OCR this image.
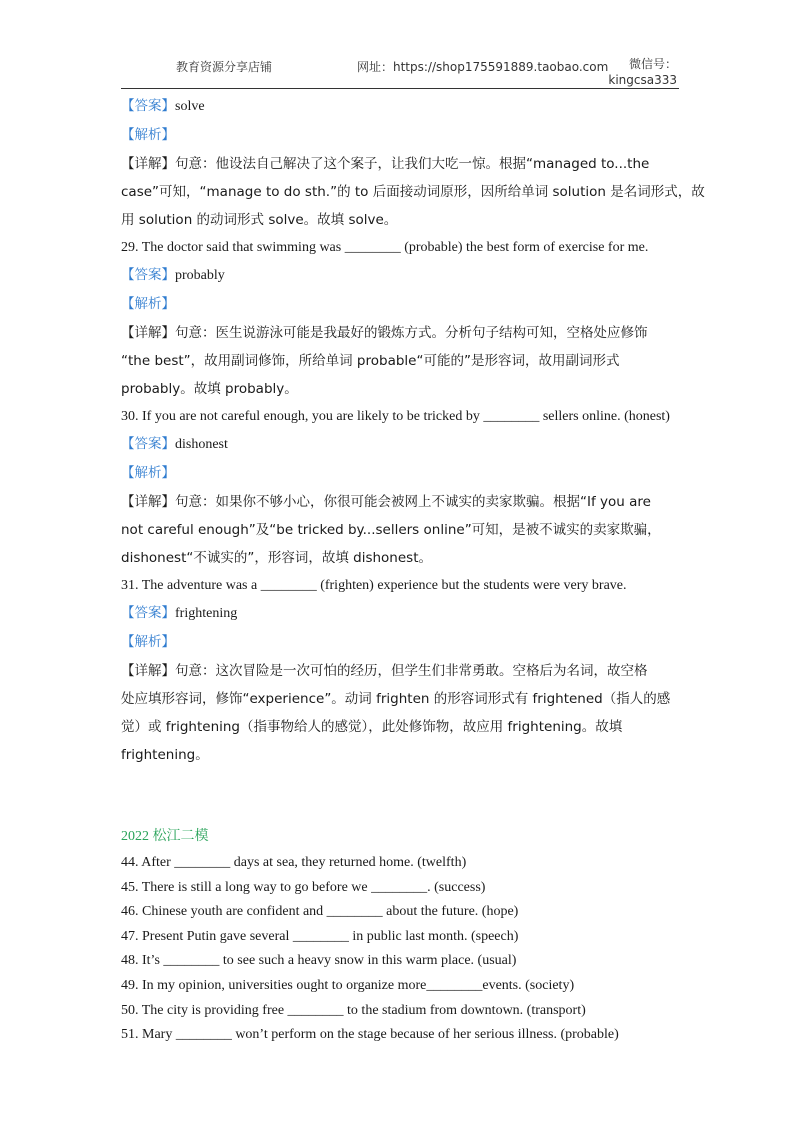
教育资源分享店铺	网址：https://shop175591889.taobao.com	微信号：
kingcsa333
【答案】solve
【解析】
【详解】句意：他设法自己解决了这个案子，让我们大吃一惊。根据“managed to...the
case”可知，“manage to do sth.”的 to 后面接动词原形，因所给单词 solution 是名词形式，故
用 solution 的动词形式 solve。故填 solve。
29. The doctor said that swimming was ________ (probable) the best form of exercise for me.
【答案】probably
【解析】
【详解】句意：医生说游泳可能是我最好的锻炼方式。分析句子结构可知，空格处应修饰
“the best”，故用副词修饰，所给单词 probable“可能的”是形容词，故用副词形式
probably。故填 probably。
30. If you are not careful enough, you are likely to be tricked by ________ sellers online. (honest)
【答案】dishonest
【解析】
【详解】句意：如果你不够小心，你很可能会被网上不诚实的卖家欺骗。根据“If you are
not careful enough”及“be tricked by...sellers online”可知，是被不诚实的卖家欺骗，
dishonest“不诚实的”，形容词，故填 dishonest。
31. The adventure was a ________ (frighten) experience but the students were very brave.
【答案】frightening
【解析】
【详解】句意：这次冒险是一次可怕的经历，但学生们非常勇敢。空格后为名词，故空格
处应填形容词，修饰“experience”。动词 frighten 的形容词形式有 frightened（指人的感
觉）或 frightening（指事物给人的感觉），此处修饰物，故应用 frightening。故填
frightening。
2022 松江二模
44. After ________ days at sea, they returned home. (twelfth)
45. There is still a long way to go before we ________. (success)
46. Chinese youth are confident and ________ about the future. (hope)
47. Present Putin gave several ________ in public last month. (speech)
48. It’s ________ to see such a heavy snow in this warm place. (usual)
49. In my opinion, universities ought to organize more________events. (society)
50. The city is providing free ________ to the stadium from downtown. (transport)
51. Mary ________ won’t perform on the stage because of her serious illness. (probable)
